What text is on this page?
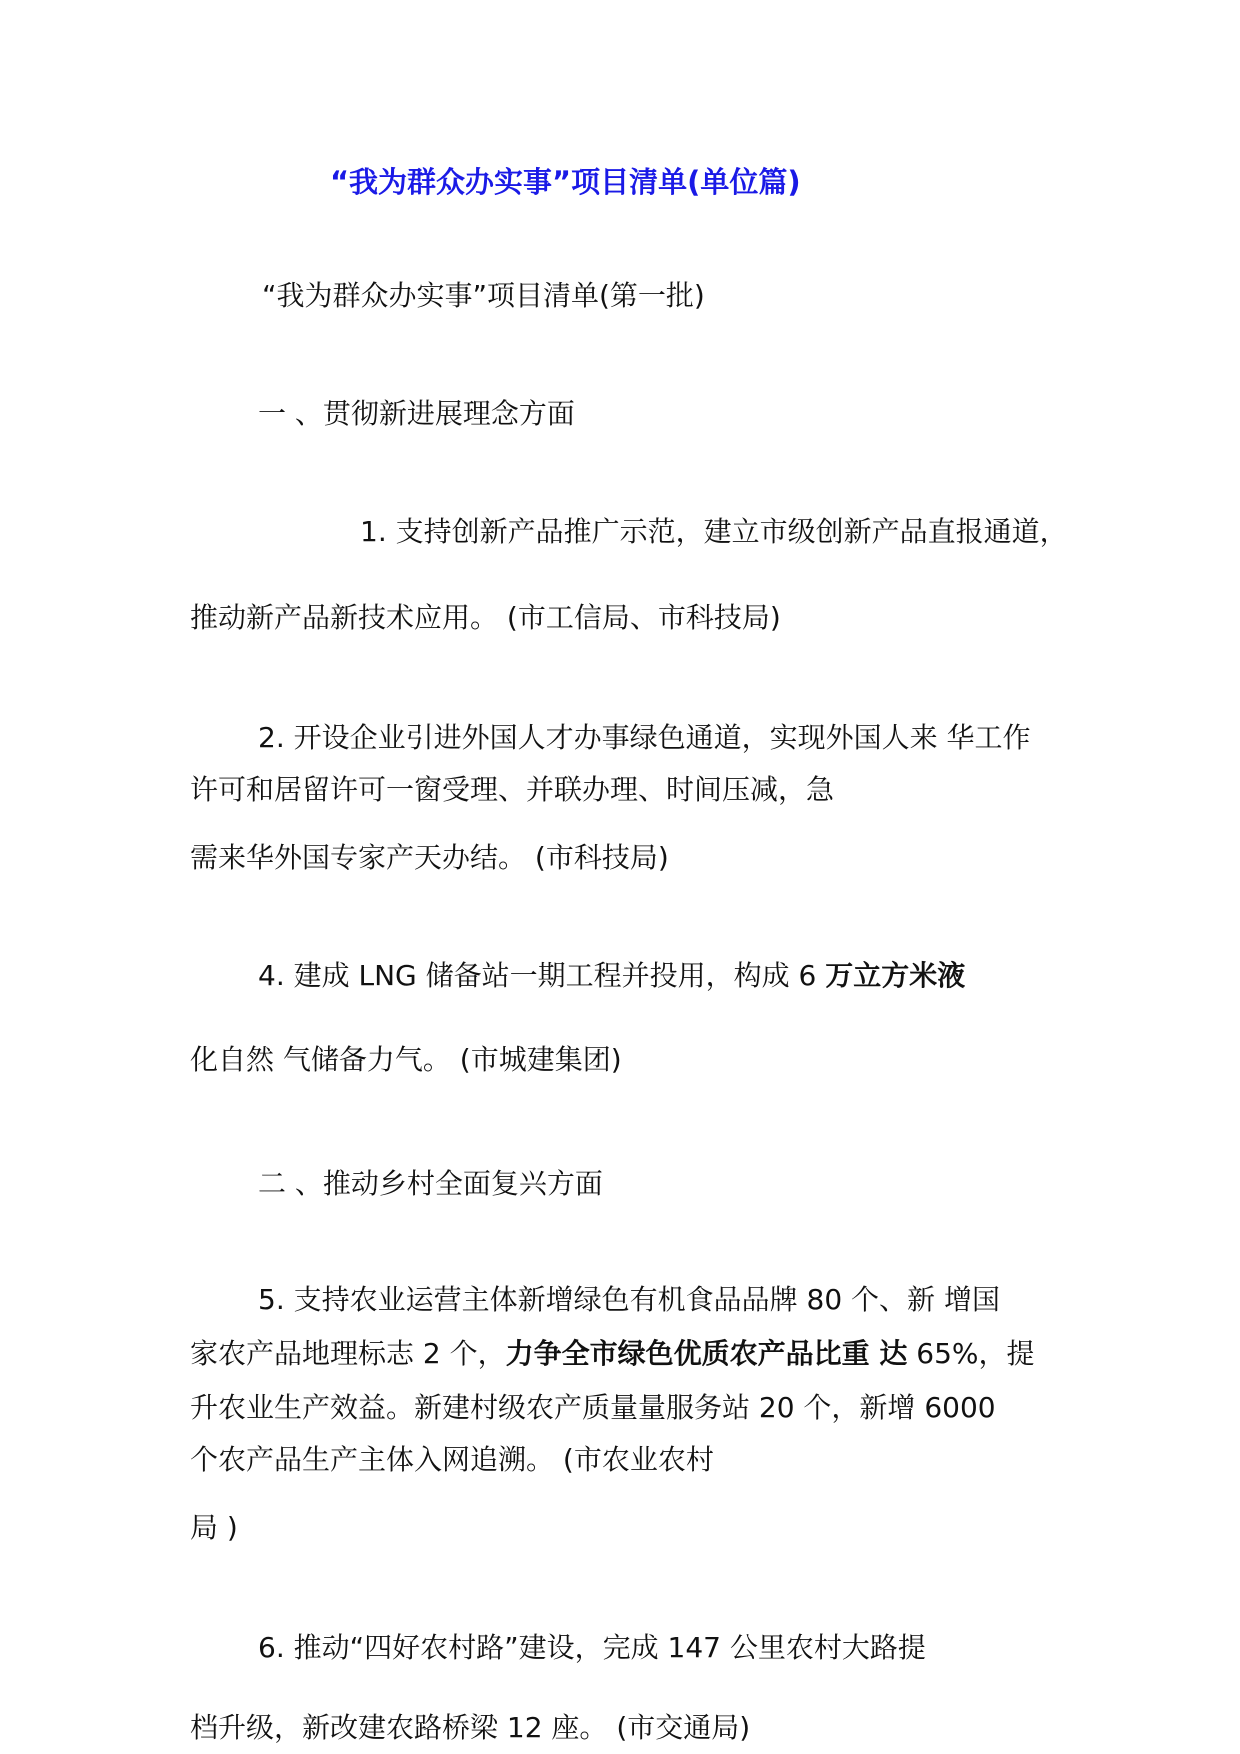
“我为群众办实事”项目清单(单位篇)
“我为群众办实事”项目清单(第一批)
一 、贯彻新进展理念方面
1. 支持创新产品推广示范，建立市级创新产品直报通道，
推动新产品新技术应用。 (市工信局、市科技局)
2. 开设企业引进外国人才办事绿色通道，实现外国人来 华工作
许可和居留许可一窗受理、并联办理、时间压减，急
需来华外国专家产天办结。 (市科技局)
4. 建成 LNG 储备站一期工程并投用，构成 6 万立方米液
化自然 气储备力气。 (市城建集团)
二 、推动乡村全面复兴方面
5. 支持农业运营主体新增绿色有机食品品牌 80 个、新 增国
家农产品地理标志 2 个，力争全市绿色优质农产品比重 达 65%，提
升农业生产效益。新建村级农产质量量服务站 20 个，新增 6000
个农产品生产主体入网追溯。 (市农业农村
局 )
6. 推动“四好农村路”建设，完成 147 公里农村大路提
档升级，新改建农路桥梁 12 座。 (市交通局)
